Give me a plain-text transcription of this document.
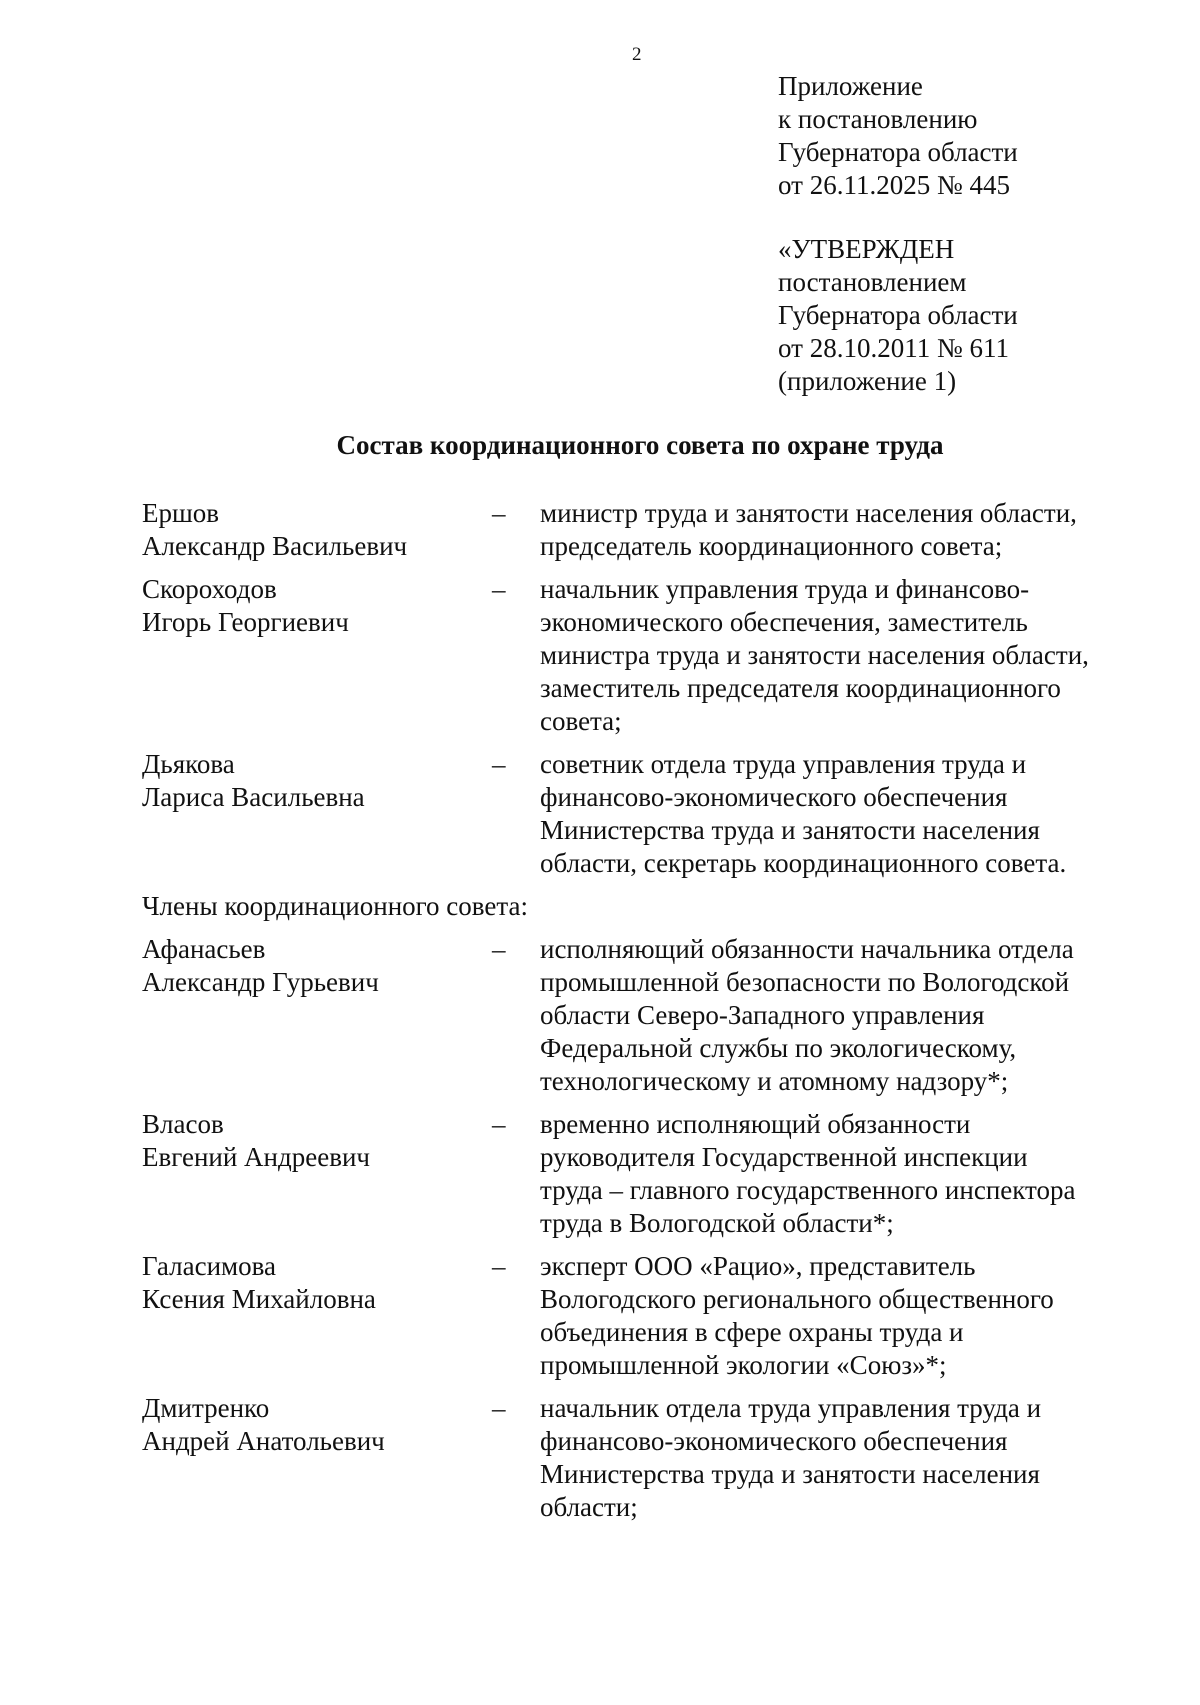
2
Приложение
к постановлению
Губернатора области
от 26.11.2025 № 445
«УТВЕРЖДЕН
постановлением
Губернатора области
от 28.10.2011 № 611
(приложение 1)
Состав координационного совета по охране труда
Ершов
Александр Васильевич
–	министр труда и занятости населения области,
председатель координационного совета;
Скороходов
Игорь Георгиевич
–	начальник управления труда и финансово-
экономического обеспечения, заместитель
министра труда и занятости населения области,
заместитель председателя координационного
совета;
Дьякова
Лариса Васильевна
–	советник отдела труда управления труда и
финансово-экономического обеспечения
Министерства труда и занятости населения
области, секретарь координационного совета.
Члены координационного совета:
Афанасьев
Александр Гурьевич
–	исполняющий обязанности начальника отдела
промышленной безопасности по Вологодской
области Северо-Западного управления
Федеральной службы по экологическому,
технологическому и атомному надзору*;
Власов
Евгений Андреевич
–	временно исполняющий обязанности
руководителя Государственной инспекции
труда – главного государственного инспектора
труда в Вологодской области*;
Галасимова
Ксения Михайловна
–	эксперт ООО «Рацио», представитель
Вологодского регионального общественного
объединения в сфере охраны труда и
промышленной экологии «Союз»*;
Дмитренко
Андрей Анатольевич
–	начальник отдела труда управления труда и
финансово-экономического обеспечения
Министерства труда и занятости населения
области;
